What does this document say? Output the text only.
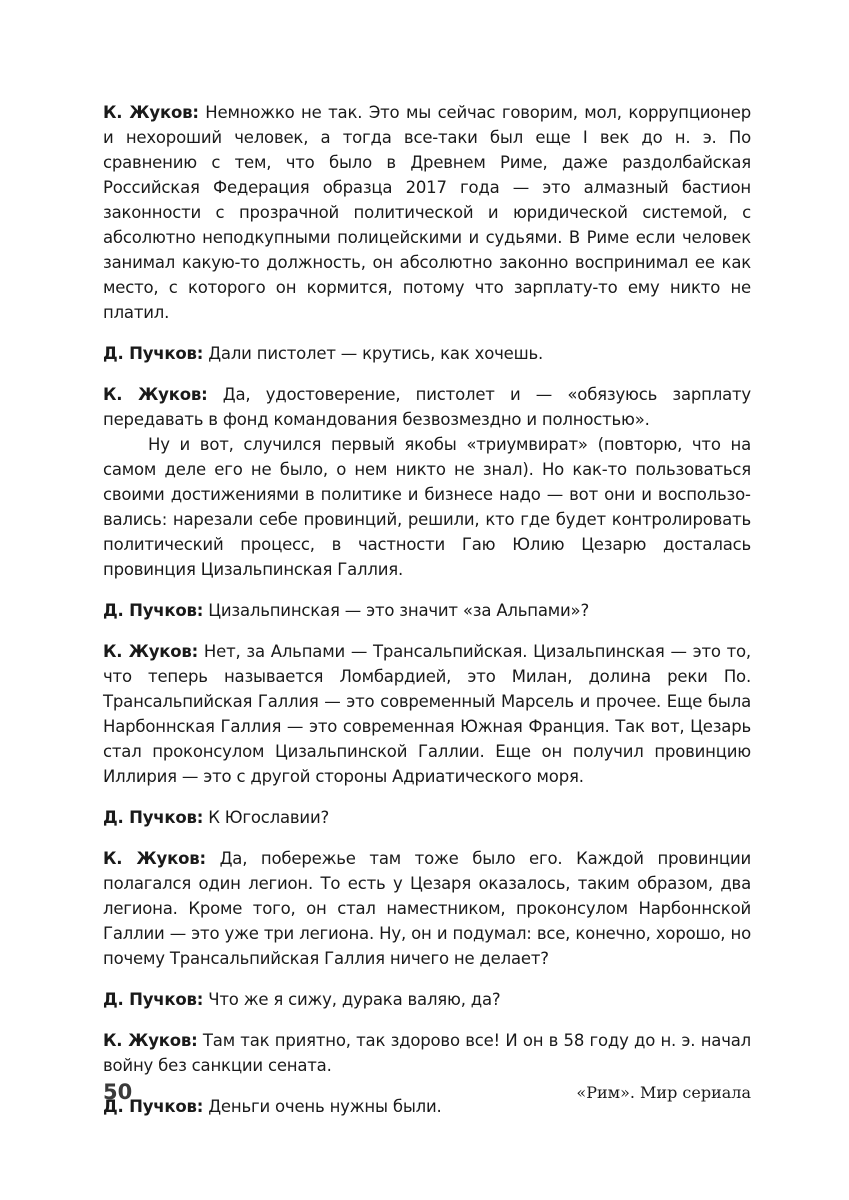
К. Жуков: Немножко не так. Это мы сейчас говорим, мол, коррупционер и нехороший человек, а тогда все-таки был еще I век до н. э. По сравнению с тем, что было в Древнем Риме, даже раздолбайская Российская Федерация образца 2017 года — это алмазный бастион законности с прозрачной политической и юридической системой, с абсолютно неподкупными полицейскими и судьями. В Риме если человек занимал какую-то должность, он абсолютно законно воспринимал ее как место, с которого он кормится, потому что зарплату-то ему никто не платил.

Д. Пучков: Дали пистолет — крутись, как хочешь.

К. Жуков: Да, удостоверение, пистолет и — «обязуюсь зарплату передавать в фонд командования безвозмездно и полностью».

Ну и вот, случился первый якобы «триумвират» (повторю, что на самом деле его не было, о нем никто не знал). Но как-то пользоваться своими достижениями в политике и бизнесе надо — вот они и воспользовались: нарезали себе провинций, решили, кто где будет контролировать политический процесс, в частности Гаю Юлию Цезарю досталась провинция Цизальпинская Галлия.

Д. Пучков: Цизальпинская — это значит «за Альпами»?

К. Жуков: Нет, за Альпами — Трансальпийская. Цизальпинская — это то, что теперь называется Ломбардией, это Милан, долина реки По. Трансальпийская Галлия — это современный Марсель и прочее. Еще была Нарбоннская Галлия — это современная Южная Франция. Так вот, Цезарь стал проконсулом Цизальпинской Галлии. Еще он получил провинцию Иллирия — это с другой стороны Адриатического моря.

Д. Пучков: К Югославии?

К. Жуков: Да, побережье там тоже было его. Каждой провинции полагался один легион. То есть у Цезаря оказалось, таким образом, два легиона. Кроме того, он стал наместником, проконсулом Нарбоннской Галлии — это уже три легиона. Ну, он и подумал: все, конечно, хорошо, но почему Трансальпийская Галлия ничего не делает?

Д. Пучков: Что же я сижу, дурака валяю, да?

К. Жуков: Там так приятно, так здорово все! И он в 58 году до н. э. начал войну без санкции сената.

Д. Пучков: Деньги очень нужны были.

50	«Рим». Мир сериала
